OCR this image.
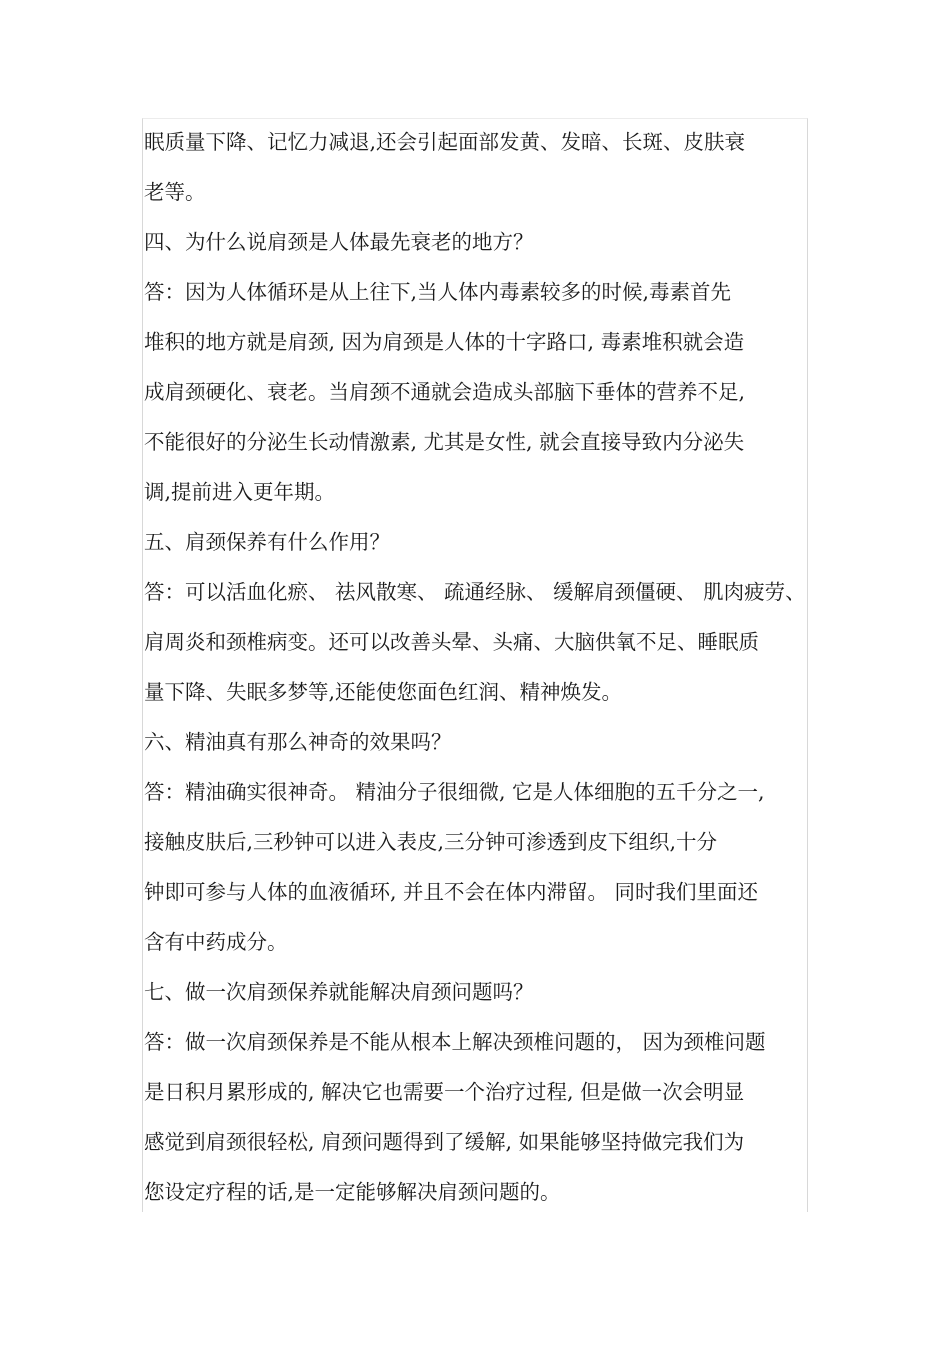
眠质量下降、记忆力减退,还会引起面部发黄、发暗、长斑、皮肤衰
老等。
四、为什么说肩颈是人体最先衰老的地方？
答：因为人体循环是从上往下,当人体内毒素较多的时候,毒素首先
堆积的地方就是肩颈, 因为肩颈是人体的十字路口, 毒素堆积就会造
成肩颈硬化、衰老。当肩颈不通就会造成头部脑下垂体的营养不足,
不能很好的分泌生长动情激素, 尤其是女性, 就会直接导致内分泌失
调,提前进入更年期。
五、肩颈保养有什么作用？
答：可以活血化瘀、 祛风散寒、 疏通经脉、 缓解肩颈僵硬、 肌肉疲劳、
肩周炎和颈椎病变。还可以改善头晕、头痛、大脑供氧不足、睡眠质
量下降、失眠多梦等,还能使您面色红润、精神焕发。
六、精油真有那么神奇的效果吗？
答：精油确实很神奇。 精油分子很细微, 它是人体细胞的五千分之一,
接触皮肤后,三秒钟可以进入表皮,三分钟可渗透到皮下组织,十分
钟即可参与人体的血液循环, 并且不会在体内滞留。 同时我们里面还
含有中药成分。
七、做一次肩颈保养就能解决肩颈问题吗？
答：做一次肩颈保养是不能从根本上解决颈椎问题的， 因为颈椎问题
是日积月累形成的, 解决它也需要一个治疗过程, 但是做一次会明显
感觉到肩颈很轻松, 肩颈问题得到了缓解, 如果能够坚持做完我们为
您设定疗程的话,是一定能够解决肩颈问题的。
